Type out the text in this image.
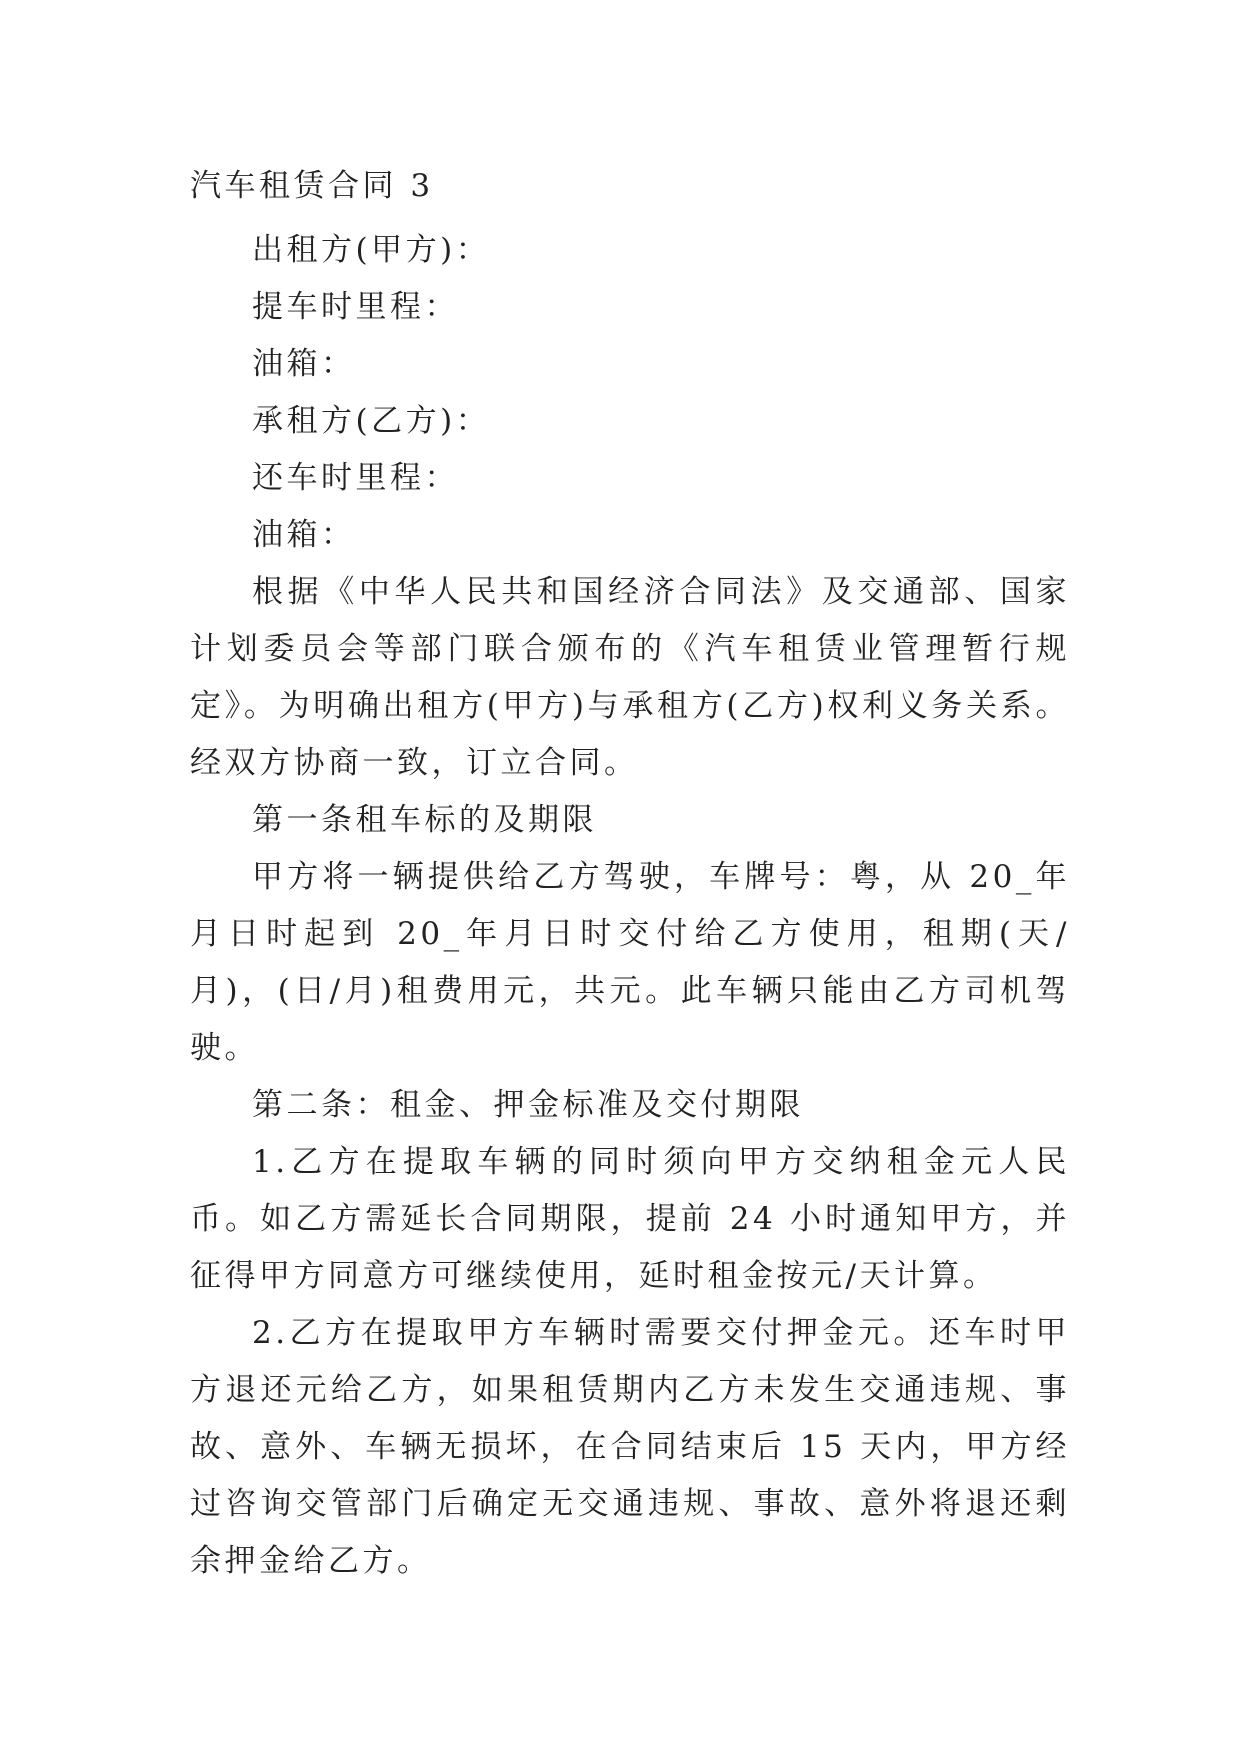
汽车租赁合同 3

出租方(甲方)：

提车时里程：

油箱：

承租方(乙方)：

还车时里程：

油箱：

根据《中华人民共和国经济合同法》及交通部、国家计划委员会等部门联合颁布的《汽车租赁业管理暂行规定》。为明确出租方(甲方)与承租方(乙方)权利义务关系。经双方协商一致，订立合同。

第一条租车标的及期限

甲方将一辆提供给乙方驾驶，车牌号：粤，从 20_年月日时起到 20_年月日时交付给乙方使用，租期(天/月)，(日/月)租费用元，共元。此车辆只能由乙方司机驾驶。

第二条：租金、押金标准及交付期限

1.乙方在提取车辆的同时须向甲方交纳租金元人民币。如乙方需延长合同期限，提前 24 小时通知甲方，并征得甲方同意方可继续使用，延时租金按元/天计算。

2.乙方在提取甲方车辆时需要交付押金元。还车时甲方退还元给乙方，如果租赁期内乙方未发生交通违规、事故、意外、车辆无损坏，在合同结束后 15 天内，甲方经过咨询交管部门后确定无交通违规、事故、意外将退还剩余押金给乙方。
